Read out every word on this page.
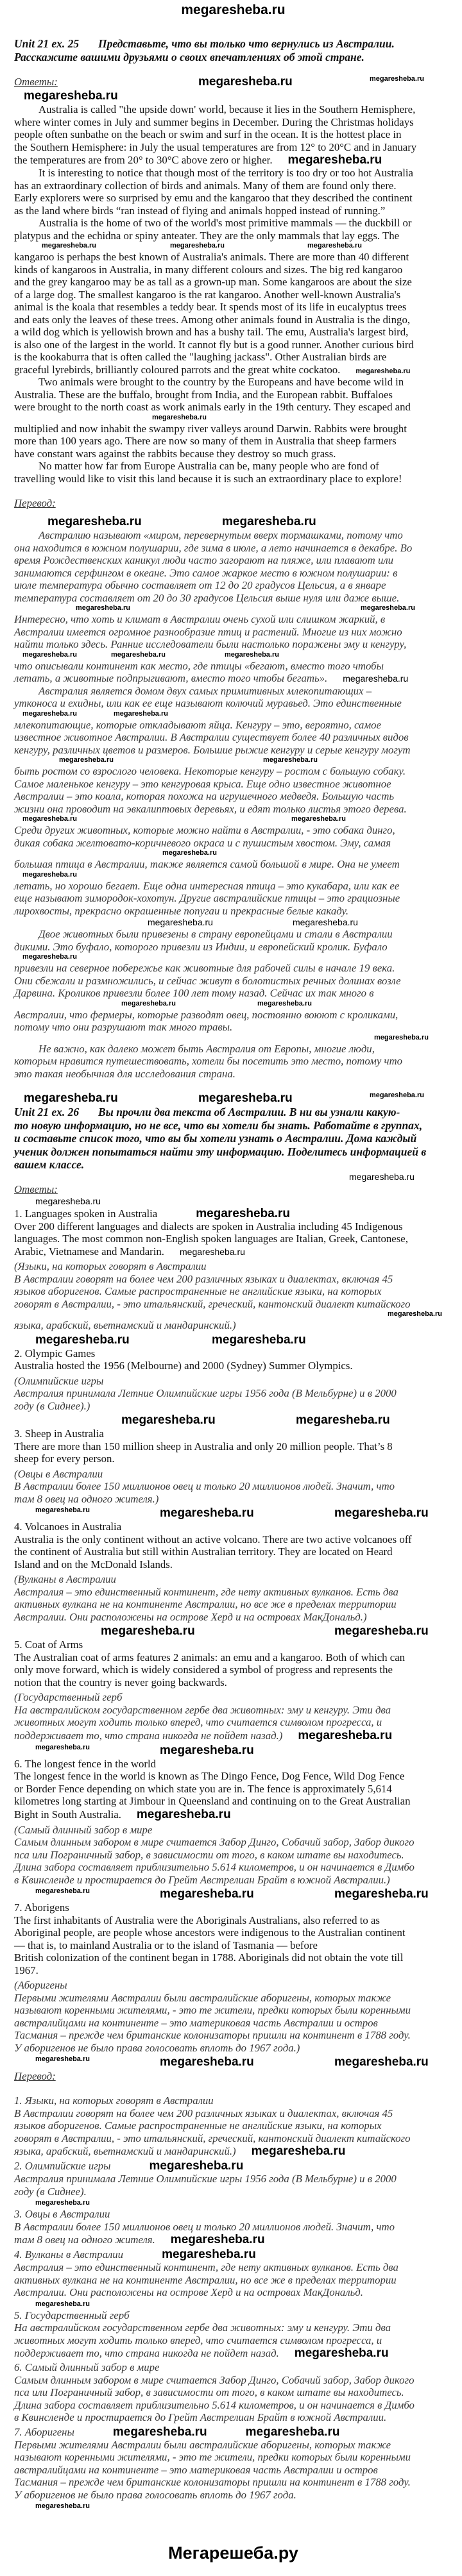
megaresheba.ru
Unit 21 ex. 25 Представьте, что вы только что вернулись из Австралии.
Расскажите вашими друзьями о своих впечатлениях об этой стране.
Ответы:	megaresheba.ru	megaresheba.ru
megaresheba.ru
Australia is called "the upside down' world, because it lies in the Southern Hemisphere,
where winter comes in July and summer begins in December. During the Christmas holidays
people often sunbathe on the beach or swim and surf in the ocean. It is the hottest place in
the Southern Hemisphere: in July the usual temperatures are from 12° to 20°C and in January
the temperatures are from 20° to 30°C above zero or higher. megaresheba.ru
It is interesting to notice that though most of the territory is too dry or too hot Australia
has an extraordinary collection of birds and animals. Many of them are found only there.
Early explorers were so surprised by emu and the kangaroo that they described the continent
as the land where birds “ran instead of flying and animals hopped instead of running.”
Australia is the home of two of the world's most primitive mammals — the duckbill or
platypus and the echidna or spiny anteater. They are the only mammals that lay eggs. The
megaresheba.ru	megaresheba.ru	megaresheba.ru
kangaroo is perhaps the best known of Australia's animals. There are more than 40 different
kinds of kangaroos in Australia, in many different colours and sizes. The big red kangaroo
and the grey kangaroo may be as tall as a grown-up man. Some kangaroos are about the size
of a large dog. The smallest kangaroo is the rat kangaroo. Another well-known Australia's
animal is the koala that resembles a teddy bear. It spends most of its life in eucalyptus trees
and eats only the leaves of these trees. Among other animals found in Australia is the dingo,
a wild dog which is yellowish brown and has a bushy tail. The emu, Australia's largest bird,
is also one of the largest in the world. It cannot fly but is a good runner. Another curious bird
is the kookaburra that is often called the "laughing jackass". Other Australian birds are
graceful lyrebirds, brilliantly coloured parrots and the great white cockatoo. megaresheba.ru
Two animals were brought to the country by the Europeans and have become wild in
Australia. These are the buffalo, brought from India, and the European rabbit. Buffaloes
were brought to the north coast as work animals early in the 19th century. They escaped and
megaresheba.ru
multiplied and now inhabit the swampy river valleys around Darwin. Rabbits were brought
more than 100 years ago. There are now so many of them in Australia that sheep farmers
have constant wars against the rabbits because they destroy so much grass.
No matter how far from Europe Australia can be, many people who are fond of
travelling would like to visit this land because it is such an extraordinary place to explore!
Перевод:
megaresheba.ru	megaresheba.ru
Австралию называют «миром, перевернутым вверх тормашками, потому что
она находится в южном полушарии, где зима в июле, а лето начинается в декабре. Во
время Рождественских каникул люди часто загорают на пляже, или плавают или
занимаются серфингом в океане. Это самое жаркое место в южном полушарии: в
июле температура обычно составляет от 12 до 20 градусов Цельсия, а в январе
температура составляет от 20 до 30 градусов Цельсия выше нуля или даже выше.
megaresheba.ru	megaresheba.ru
Интересно, что хоть и климат в Австралии очень сухой или слишком жаркий, в
Австралии имеется огромное разнообразие птиц и растений. Многие из них можно
найти только здесь. Ранние исследователи были настолько поражены эму и кенгуру,
megaresheba.ru	megaresheba.ru	megaresheba.ru
что описывали континент как место, где птицы «бегают, вместо того чтобы
летать, а животные подпрыгивают, вместо того чтобы бегать». megaresheba.ru
Австралия является домом двух самых примитивных млекопитающих –
утконоса и ехидны, или как ее еще называют колючий муравьед. Это единственные
megaresheba.ru	megaresheba.ru
млекопитающие, которые откладывают яйца. Кенгуру – это, вероятно, самое
известное животное Австралии. В Австралии существует более 40 различных видов
кенгуру, различных цветов и размеров. Большие рыжие кенгуру и серые кенгуру могут
megaresheba.ru	megaresheba.ru
быть ростом со взрослого человека. Некоторые кенгуру – ростом с большую собаку.
Самое маленькое кенгуру – это кенгуровая крыса. Еще одно известное животное
Австралии – это коала, которая похожа на игрушечного медведя. Большую часть
жизни она проводит на эвкалиптовых деревьях, и едят только листья этого дерева.
megaresheba.ru	megaresheba.ru
Среди других животных, которые можно найти в Австралии, - это собака динго,
дикая собака желтовато-коричневого окраса и с пушистым хвостом. Эму, самая
megaresheba.ru
большая птица в Австралии, также является самой большой в мире. Она не умеет
megaresheba.ru
летать, но хорошо бегает. Еще одна интересная птица – это кукабара, или как ее
еще называют зимородок-хохотун. Другие австралийские птицы – это грациозные
лирохвосты, прекрасно окрашенные попугаи и прекрасные белые какаду.
megaresheba.ru	megaresheba.ru
Двое животных были привезены в страну европейцами и стали в Австралии
дикими. Это буфало, которого привезли из Индии, и европейский кролик. Буфало
megaresheba.ru
привезли на северное побережье как животные для рабочей силы в начале 19 века.
Они сбежали и размножились, и сейчас живут в болотистых речных долинах возле
Дарвина. Кроликов привезли более 100 лет тому назад. Сейчас их так много в
megaresheba.ru	megaresheba.ru
Австралии, что фермеры, которые разводят овец, постоянно воюют с кроликами,
потому что они разрушают так много травы.
megaresheba.ru
Не важно, как далеко может быть Австралия от Европы, многие люди,
которым нравится путешествовать, хотели бы посетить это место, потому что
это такая необычная для исследования страна.
megaresheba.ru	megaresheba.ru	megaresheba.ru
Unit 21 ex. 26 Вы прочли два текста об Австралии. В ни вы узнали какую-
то новую информацию, но не все, что вы хотели бы знать. Работайте в группах,
и составьте список того, что вы бы хотели узнать о Австралии. Дома каждый
ученик должен попытаться найти эту информацию. Поделитесь информацией в
вашем классе.
megaresheba.ru
Ответы:
megaresheba.ru
1. Languages spoken in Australia	megaresheba.ru
Over 200 different languages and dialects are spoken in Australia including 45 Indigenous
languages. The most common non-English spoken languages are Italian, Greek, Cantonese,
Arabic, Vietnamese and Mandarin. megaresheba.ru
(Языки, на которых говорят в Австралии
В Австралии говорят на более чем 200 различных языках и диалектах, включая 45
языков аборигенов. Самые распространенные не английские языки, на которых
говорят в Австралии, - это итальянский, греческий, кантонский диалект китайского
megaresheba.ru
языка, арабский, вьетнамский и мандаринский.)
megaresheba.ru	megaresheba.ru
2. Olympic Games
Australia hosted the 1956 (Melbourne) and 2000 (Sydney) Summer Olympics.
(Олимпийские игры
Австралия принимала Летние Олимпийские игры 1956 года (В Мельбурне) и в 2000
году (в Сиднее).)
megaresheba.ru	megaresheba.ru
3. Sheep in Australia
There are more than 150 million sheep in Australia and only 20 million people. That’s 8
sheep for every person.
(Овцы в Австралии
В Австралии более 150 миллионов овец и только 20 миллионов людей. Значит, что
там 8 овец на одного жителя.)
megaresheba.ru	megaresheba.ru	megaresheba.ru
4. Volcanoes in Australia
Australia is the only continent without an active volcano. There are two active volcanoes off
the continent of Australia but still within Australian territory. They are located on Heard
Island and on the McDonald Islands.
(Вулканы в Австралии
Австралия – это единственный континент, где нету активных вулканов. Есть два
активных вулкана не на континенте Австралии, но все же в пределах территории
Австралии. Они расположены на острове Херд и на островах МакДональд.)
megaresheba.ru	megaresheba.ru
5. Coat of Arms
The Australian coat of arms features 2 animals: an emu and a kangaroo. Both of which can
only move forward, which is widely considered a symbol of progress and represents the
notion that the country is never going backwards.
(Государственный герб
На австралийском государственном гербе два животных: эму и кенгуру. Эти два
животных могут ходить только вперед, что считается символом прогресса, и
поддерживает то, что страна никогда не пойдет назад.) megaresheba.ru
megaresheba.ru	megaresheba.ru
6. The longest fence in the world
The longest fence in the world is known as The Dingo Fence, Dog Fence, Wild Dog Fence
or Border Fence depending on which state you are in. The fence is approximately 5,614
kilometres long starting at Jimbour in Queensland and continuing on to the Great Australian
Bight in South Australia. megaresheba.ru
(Самый длинный забор в мире
Самым длинным забором в мире считается Забор Динго, Собачий забор, Забор дикого
пса или Пограничный забор, в зависимости от того, в каком штате вы находитесь.
Длина забора составляет приблизительно 5.614 километров, и он начинается в Димбо
в Квинсленде и простирается до Грейт Австрелиан Брайт в южной Австралии.)
megaresheba.ru	megaresheba.ru	megaresheba.ru
7. Aborigens
The first inhabitants of Australia were the Aboriginals Australians, also referred to as
Aboriginal people, are people whose ancestors were indigenous to the Australian continent
— that is, to mainland Australia or to the island of Tasmania — before
British colonization of the continent began in 1788. Aboriginals did not obtain the vote till
1967.
(Аборигены
Первыми жителями Австралии были австралийские аборигены, которых также
называют коренными жителями, - это те жители, предки которых были коренными
австралийцами на континенте – это материковая часть Австралии и остров
Тасмания – прежде чем британские колонизаторы пришли на континент в 1788 году.
У аборигенов не было права голосовать вплоть до 1967 года.)
megaresheba.ru	megaresheba.ru	megaresheba.ru
Перевод:
1. Языки, на которых говорят в Австралии
В Австралии говорят на более чем 200 различных языках и диалектах, включая 45
языков аборигенов. Самые распространенные не английские языки, на которых
говорят в Австралии, - это итальянский, греческий, кантонский диалект китайского
языка, арабский, вьетнамский и мандаринский.) megaresheba.ru
2. Олимпийские игры	megaresheba.ru
Австралия принимала Летние Олимпийские игры 1956 года (В Мельбурне) и в 2000
году (в Сиднее).
megaresheba.ru
3. Овцы в Австралии
В Австралии более 150 миллионов овец и только 20 миллионов людей. Значит, что
там 8 овец на одного жителя. megaresheba.ru
4. Вулканы в Австралии	megaresheba.ru
Австралия – это единственный континент, где нету активных вулканов. Есть два
активных вулкана не на континенте Австралии, но все же в пределах территории
Австралии. Они расположены на острове Херд и на островах МакДональд.
megaresheba.ru
5. Государственный герб
На австралийском государственном гербе два животных: эму и кенгуру. Эти два
животных могут ходить только вперед, что считается символом прогресса, и
поддерживает то, что страна никогда не пойдет назад. megaresheba.ru
6. Самый длинный забор в мире
Самым длинным забором в мире считается Забор Динго, Собачий забор, Забор дикого
пса или Пограничный забор, в зависимости от того, в каком штате вы находитесь.
Длина забора составляет приблизительно 5.614 километров, и он начинается в Димбо
в Квинсленде и простирается до Грейт Австрелиан Брайт в южной Австралии.
7. Аборигены	megaresheba.ru	megaresheba.ru
Первыми жителями Австралии были австралийские аборигены, которых также
называют коренными жителями, - это те жители, предки которых были коренными
австралийцами на континенте – это материковая часть Австралии и остров
Тасмания – прежде чем британские колонизаторы пришли на континент в 1788 году.
У аборигенов не было права голосовать вплоть до 1967 года.
megaresheba.ru
Мегарешеба.ру
